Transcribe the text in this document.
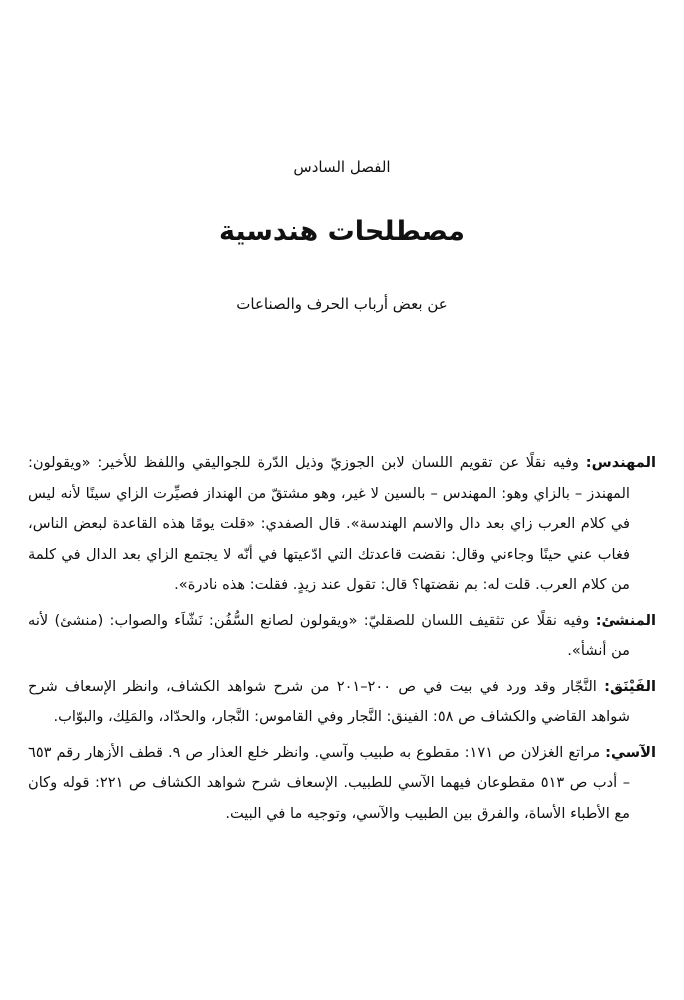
الفصل السادس
مصطلحات هندسية
عن بعض أرباب الحرف والصناعات

المهندس: وفيه نقلًا عن تقويم اللسان لابن الجوزيّ وذيل الدّرة للجواليقي واللفظ للأخير: «ويقولون: المهندز – بالزاي وهو: المهندس – بالسين لا غير، وهو مشتقّ من الهنداز فصيِّرت الزاي سينًا لأنه ليس في كلام العرب زاي بعد دال والاسم الهندسة». قال الصفدي: «قلت يومًا هذه القاعدة لبعض الناس، فغاب عني حينًا وجاءني وقال: نقضت قاعدتك التي ادّعيتها في أنّه لا يجتمع الزاي بعد الدال في كلمة من كلام العرب. قلت له: بم نقضتها؟ قال: تقول عند زيدٍ. فقلت: هذه نادرة».

المنشئ: وفيه نقلًا عن تثقيف اللسان للصقليّ: «ويقولون لصانع السُّفُن: نَشّاَء والصواب: (منشئ) لأنه من أنشأ».

الفَيْنَق: النَّجّار وقد ورد في بيت في ص ٢٠٠–٢٠١ من شرح شواهد الكشاف، وانظر الإسعاف شرح شواهد القاضي والكشاف ص ٥٨: الفينق: النَّجار وفي القاموس: النَّجار، والحدّاد، والمَلِك، والبوّاب.

الآسي: مراتع الغزلان ص ١٧١: مقطوع به طبيب وآسي. وانظر خلع العذار ص ٩. قطف الأزهار رقم ٦٥٣ – أدب ص ٥١٣ مقطوعان فيهما الآسي للطبيب. الإسعاف شرح شواهد الكشاف ص ٢٢١: قوله وكان مع الأطباء الأساة، والفرق بين الطبيب والآسي، وتوجيه ما في البيت.
